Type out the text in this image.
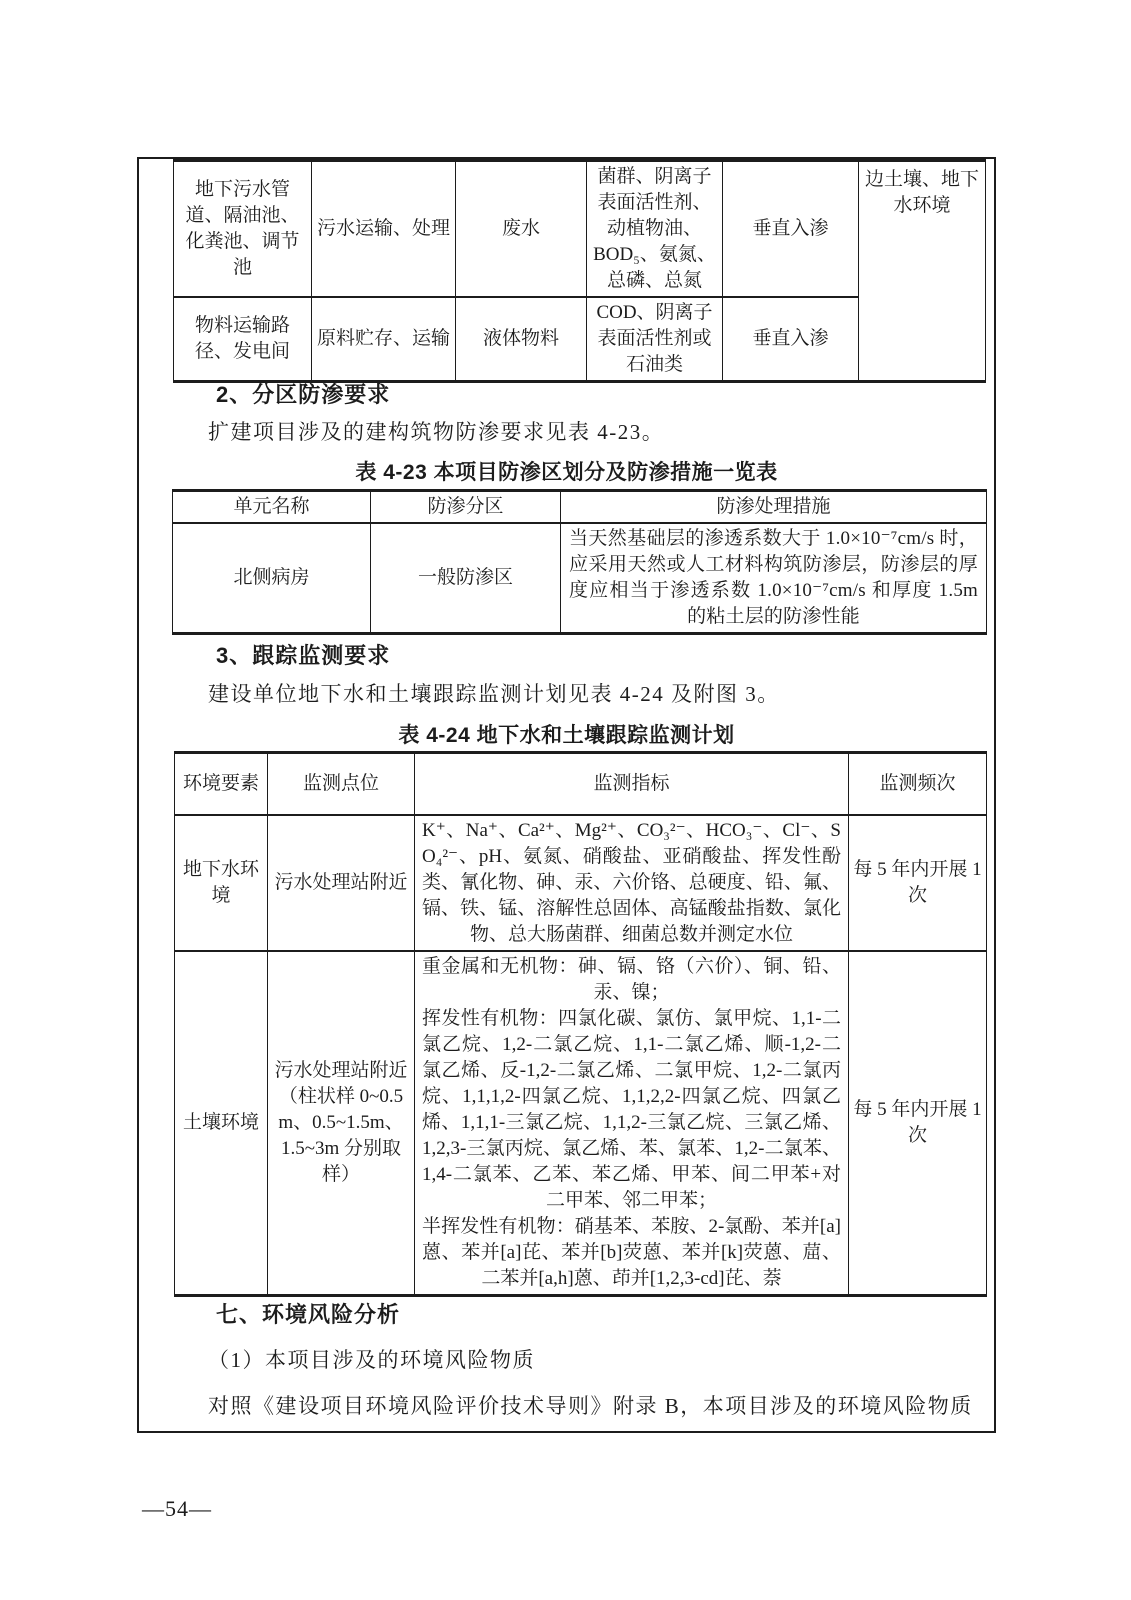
地下污水管道、隔油池、化粪池、调节池	污水运输、处理	废水	菌群、阴离子表面活性剂、动植物油、BOD₅、氨氮、总磷、总氮	垂直入渗	边土壤、地下水环境
物料运输路径、发电间	原料贮存、运输	液体物料	COD、阴离子表面活性剂或石油类	垂直入渗	
2、分区防渗要求
扩建项目涉及的建构筑物防渗要求见表 4-23。
表 4-23 本项目防渗区划分及防渗措施一览表
单元名称	防渗分区	防渗处理措施
北侧病房	一般防渗区	当天然基础层的渗透系数大于 1.0×10⁻⁷cm/s 时，应采用天然或人工材料构筑防渗层，防渗层的厚度应相当于渗透系数 1.0×10⁻⁷cm/s 和厚度 1.5m 的粘土层的防渗性能
3、跟踪监测要求
建设单位地下水和土壤跟踪监测计划见表 4-24 及附图 3。
表 4-24 地下水和土壤跟踪监测计划
环境要素	监测点位	监测指标	监测频次
地下水环境	污水处理站附近	K⁺、Na⁺、Ca²⁺、Mg²⁺、CO₃²⁻、HCO₃⁻、Cl⁻、SO₄²⁻、pH、氨氮、硝酸盐、亚硝酸盐、挥发性酚类、氰化物、砷、汞、六价铬、总硬度、铅、氟、镉、铁、锰、溶解性总固体、高锰酸盐指数、氯化物、总大肠菌群、细菌总数并测定水位	每 5 年内开展 1 次
土壤环境	污水处理站附近（柱状样 0~0.5m、0.5~1.5m、1.5~3m 分别取样）	重金属和无机物：砷、镉、铬（六价）、铜、铅、汞、镍；
挥发性有机物：四氯化碳、氯仿、氯甲烷、1,1-二氯乙烷、1,2-二氯乙烷、1,1-二氯乙烯、顺-1,2-二氯乙烯、反-1,2-二氯乙烯、二氯甲烷、1,2-二氯丙烷、1,1,1,2-四氯乙烷、1,1,2,2-四氯乙烷、四氯乙烯、1,1,1-三氯乙烷、1,1,2-三氯乙烷、三氯乙烯、1,2,3-三氯丙烷、氯乙烯、苯、氯苯、1,2-二氯苯、1,4-二氯苯、乙苯、苯乙烯、甲苯、间二甲苯+对二甲苯、邻二甲苯；
半挥发性有机物：硝基苯、苯胺、2-氯酚、苯并[a]蒽、苯并[a]芘、苯并[b]荧蒽、苯并[k]荧蒽、䓛、二苯并[a,h]蒽、茚并[1,2,3-cd]芘、萘	每 5 年内开展 1 次
七、环境风险分析
（1）本项目涉及的环境风险物质
对照《建设项目环境风险评价技术导则》附录 B，本项目涉及的环境风险物质
—54—
